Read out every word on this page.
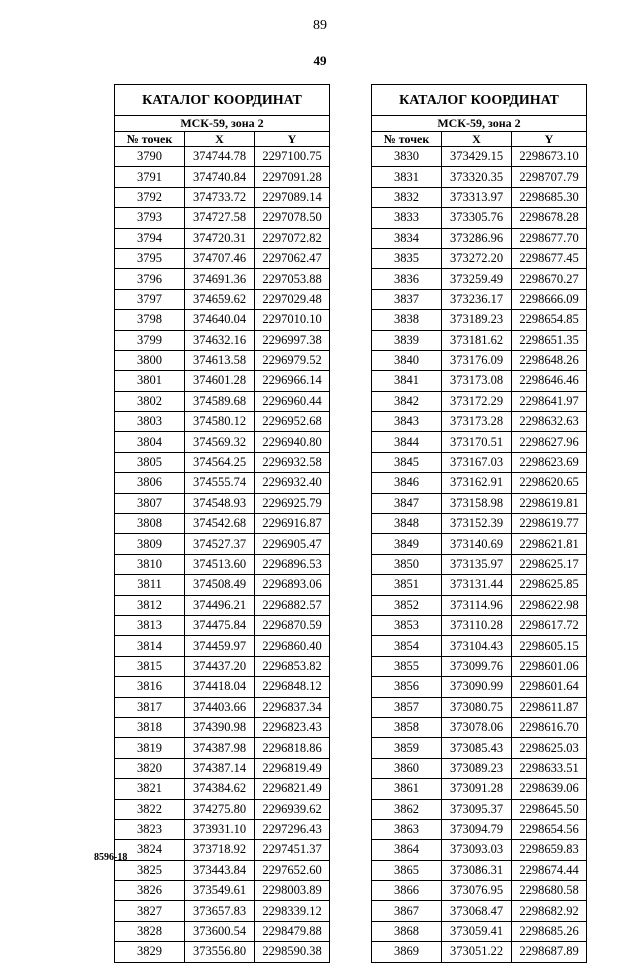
89
49
КАТАЛОГ КООРДИНАТ		
МСК-59, зона 2		
№ точек	X	Y
3790	374744.78	2297100.75
3791	374740.84	2297091.28
3792	374733.72	2297089.14
3793	374727.58	2297078.50
3794	374720.31	2297072.82
3795	374707.46	2297062.47
3796	374691.36	2297053.88
3797	374659.62	2297029.48
3798	374640.04	2297010.10
3799	374632.16	2296997.38
3800	374613.58	2296979.52
3801	374601.28	2296966.14
3802	374589.68	2296960.44
3803	374580.12	2296952.68
3804	374569.32	2296940.80
3805	374564.25	2296932.58
3806	374555.74	2296932.40
3807	374548.93	2296925.79
3808	374542.68	2296916.87
3809	374527.37	2296905.47
3810	374513.60	2296896.53
3811	374508.49	2296893.06
3812	374496.21	2296882.57
3813	374475.84	2296870.59
3814	374459.97	2296860.40
3815	374437.20	2296853.82
3816	374418.04	2296848.12
3817	374403.66	2296837.34
3818	374390.98	2296823.43
3819	374387.98	2296818.86
3820	374387.14	2296819.49
3821	374384.62	2296821.49
3822	374275.80	2296939.62
3823	373931.10	2297296.43
3824	373718.92	2297451.37
3825	373443.84	2297652.60
3826	373549.61	2298003.89
3827	373657.83	2298339.12
3828	373600.54	2298479.88
3829	373556.80	2298590.38
КАТАЛОГ КООРДИНАТ		
МСК-59, зона 2		
№ точек	X	Y
3830	373429.15	2298673.10
3831	373320.35	2298707.79
3832	373313.97	2298685.30
3833	373305.76	2298678.28
3834	373286.96	2298677.70
3835	373272.20	2298677.45
3836	373259.49	2298670.27
3837	373236.17	2298666.09
3838	373189.23	2298654.85
3839	373181.62	2298651.35
3840	373176.09	2298648.26
3841	373173.08	2298646.46
3842	373172.29	2298641.97
3843	373173.28	2298632.63
3844	373170.51	2298627.96
3845	373167.03	2298623.69
3846	373162.91	2298620.65
3847	373158.98	2298619.81
3848	373152.39	2298619.77
3849	373140.69	2298621.81
3850	373135.97	2298625.17
3851	373131.44	2298625.85
3852	373114.96	2298622.98
3853	373110.28	2298617.72
3854	373104.43	2298605.15
3855	373099.76	2298601.06
3856	373090.99	2298601.64
3857	373080.75	2298611.87
3858	373078.06	2298616.70
3859	373085.43	2298625.03
3860	373089.23	2298633.51
3861	373091.28	2298639.06
3862	373095.37	2298645.50
3863	373094.79	2298654.56
3864	373093.03	2298659.83
3865	373086.31	2298674.44
3866	373076.95	2298680.58
3867	373068.47	2298682.92
3868	373059.41	2298685.26
3869	373051.22	2298687.89
8596-18
